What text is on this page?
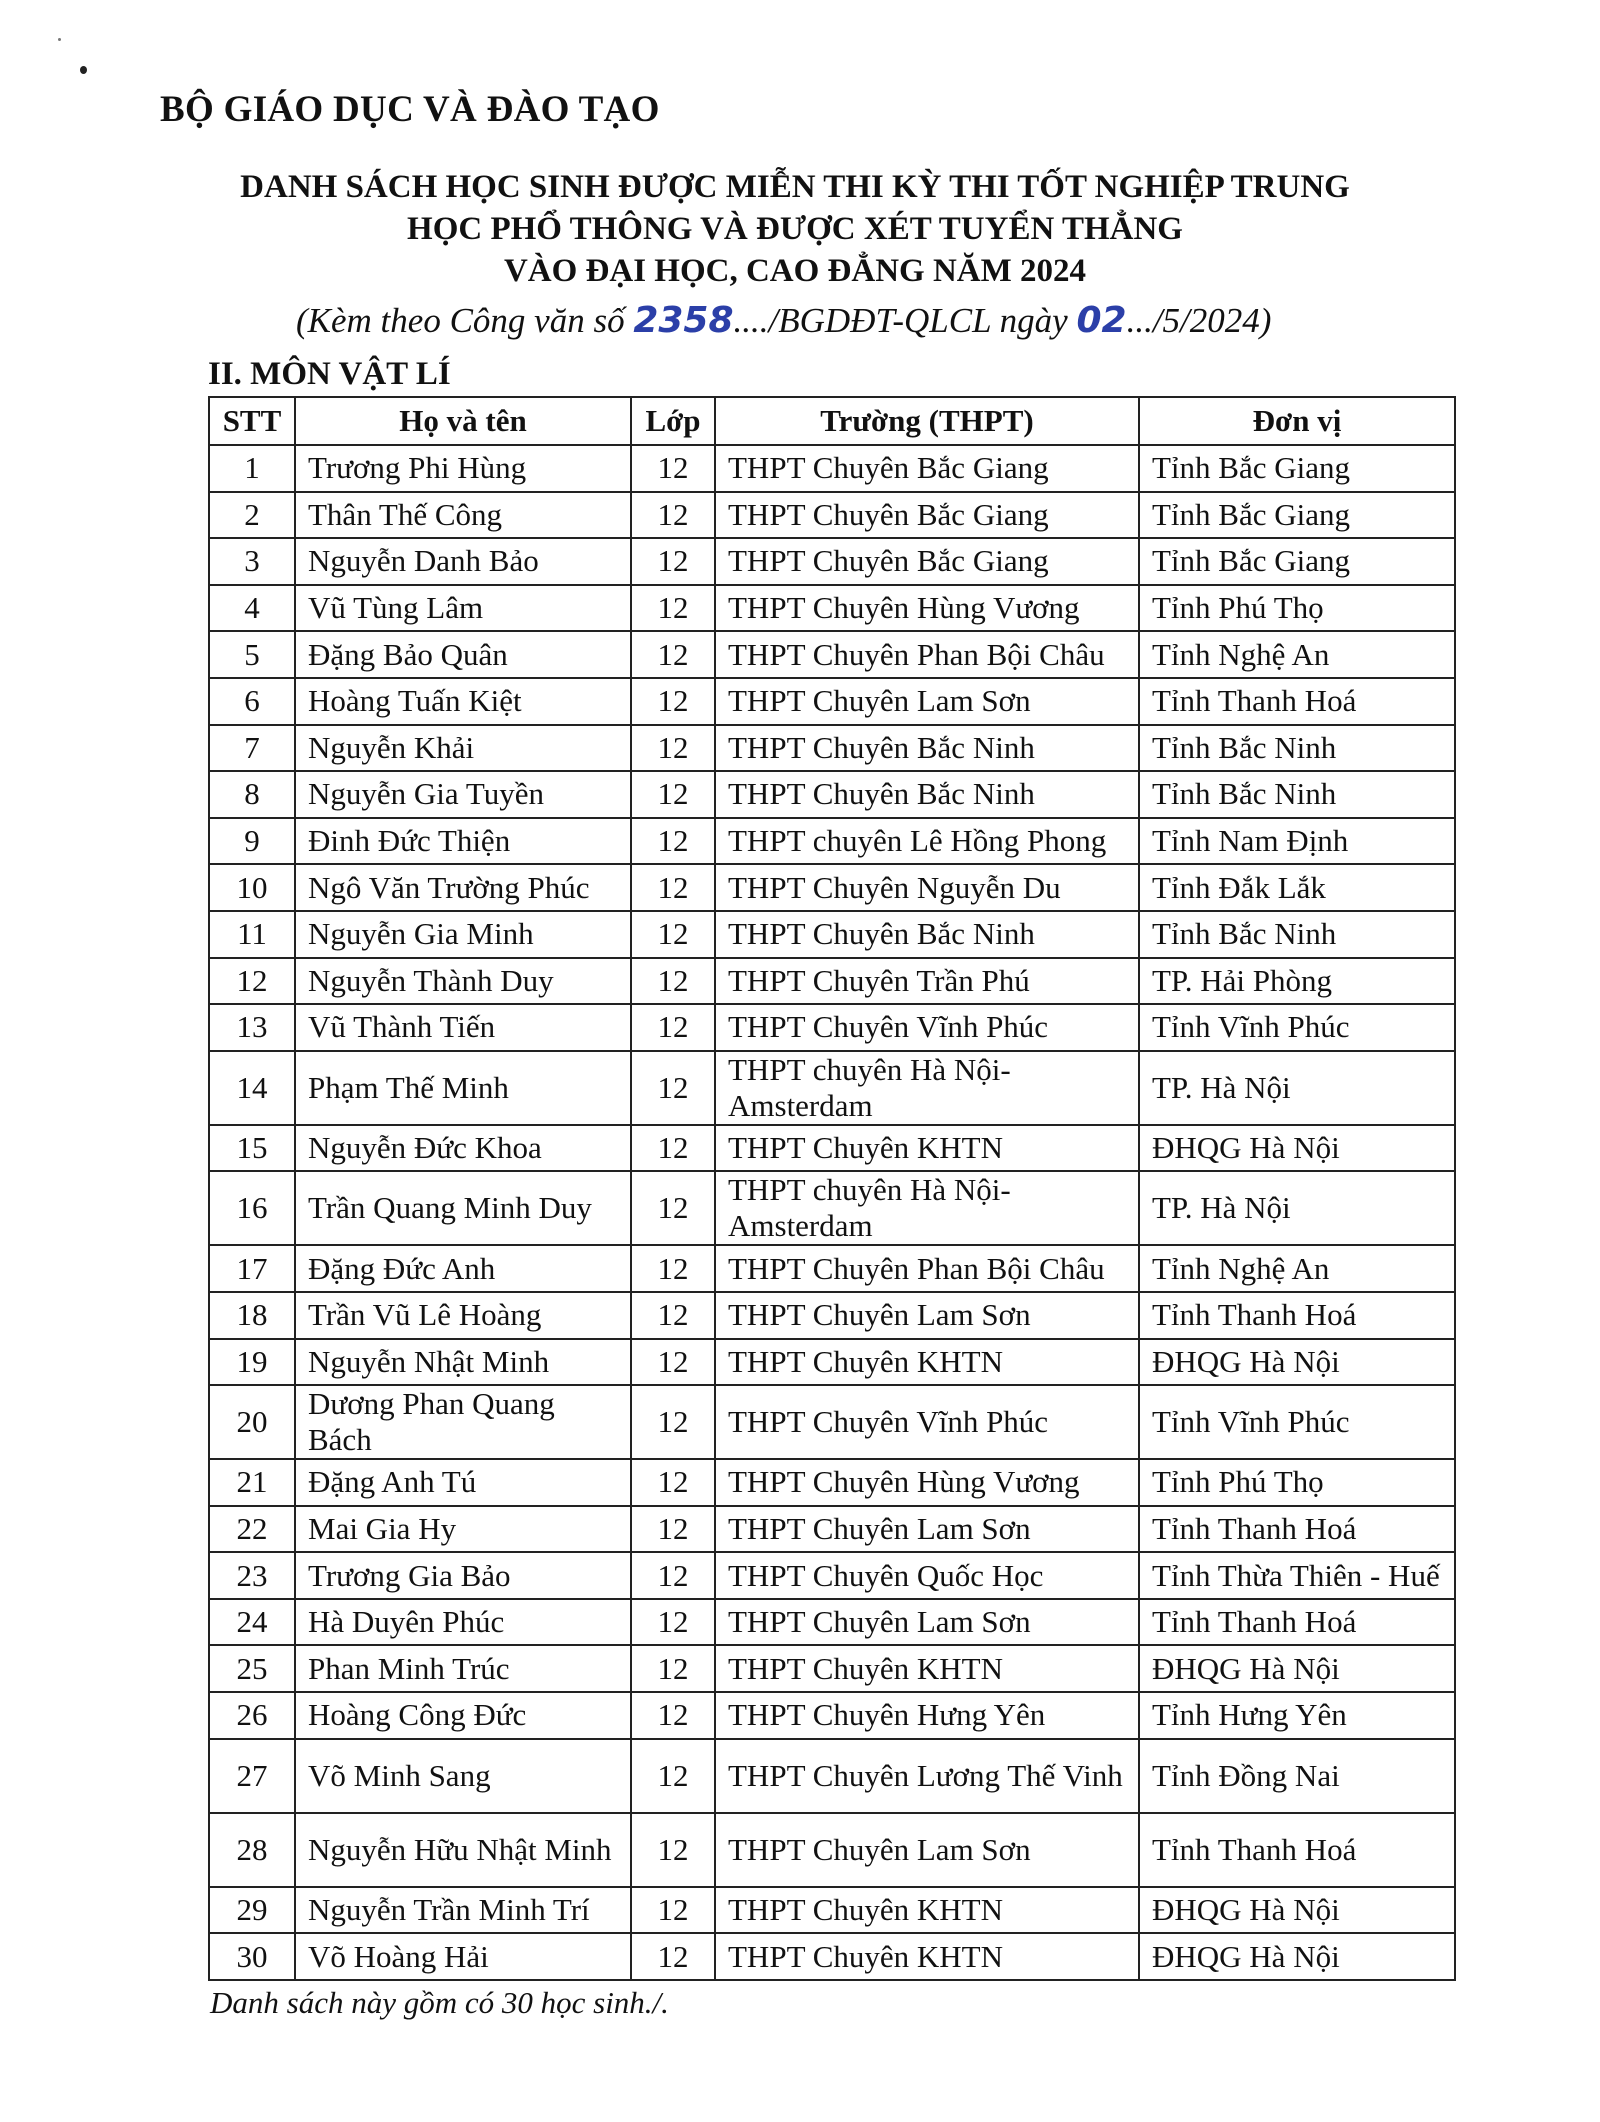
BỘ GIÁO DỤC VÀ ĐÀO TẠO
DANH SÁCH HỌC SINH ĐƯỢC MIỄN THI KỲ THI TỐT NGHIỆP TRUNG
HỌC PHỔ THÔNG VÀ ĐƯỢC XÉT TUYỂN THẲNG
VÀO ĐẠI HỌC, CAO ĐẲNG NĂM 2024
(Kèm theo Công văn số 2358..../BGDĐT-QLCL ngày 02.../5/2024)
II. MÔN VẬT LÍ
STT	Họ và tên	Lớp	Trường (THPT)	Đơn vị
1	Trương Phi Hùng	12	THPT Chuyên Bắc Giang	Tỉnh Bắc Giang
2	Thân Thế Công	12	THPT Chuyên Bắc Giang	Tỉnh Bắc Giang
3	Nguyễn Danh Bảo	12	THPT Chuyên Bắc Giang	Tỉnh Bắc Giang
4	Vũ Tùng Lâm	12	THPT Chuyên Hùng Vương	Tỉnh Phú Thọ
5	Đặng Bảo Quân	12	THPT Chuyên Phan Bội Châu	Tỉnh Nghệ An
6	Hoàng Tuấn Kiệt	12	THPT Chuyên Lam Sơn	Tỉnh Thanh Hoá
7	Nguyễn Khải	12	THPT Chuyên Bắc Ninh	Tỉnh Bắc Ninh
8	Nguyễn Gia Tuyền	12	THPT Chuyên Bắc Ninh	Tỉnh Bắc Ninh
9	Đinh Đức Thiện	12	THPT chuyên Lê Hồng Phong	Tỉnh Nam Định
10	Ngô Văn Trường Phúc	12	THPT Chuyên Nguyễn Du	Tỉnh Đắk Lắk
11	Nguyễn Gia Minh	12	THPT Chuyên Bắc Ninh	Tỉnh Bắc Ninh
12	Nguyễn Thành Duy	12	THPT Chuyên Trần Phú	TP. Hải Phòng
13	Vũ Thành Tiến	12	THPT Chuyên Vĩnh Phúc	Tỉnh Vĩnh Phúc
14	Phạm Thế Minh	12	THPT chuyên Hà Nội-Amsterdam	TP. Hà Nội
15	Nguyễn Đức Khoa	12	THPT Chuyên KHTN	ĐHQG Hà Nội
16	Trần Quang Minh Duy	12	THPT chuyên Hà Nội-Amsterdam	TP. Hà Nội
17	Đặng Đức Anh	12	THPT Chuyên Phan Bội Châu	Tỉnh Nghệ An
18	Trần Vũ Lê Hoàng	12	THPT Chuyên Lam Sơn	Tỉnh Thanh Hoá
19	Nguyễn Nhật Minh	12	THPT Chuyên KHTN	ĐHQG Hà Nội
20	Dương Phan Quang Bách	12	THPT Chuyên Vĩnh Phúc	Tỉnh Vĩnh Phúc
21	Đặng Anh Tú	12	THPT Chuyên Hùng Vương	Tỉnh Phú Thọ
22	Mai Gia Hy	12	THPT Chuyên Lam Sơn	Tỉnh Thanh Hoá
23	Trương Gia Bảo	12	THPT Chuyên Quốc Học	Tỉnh Thừa Thiên - Huế
24	Hà Duyên Phúc	12	THPT Chuyên Lam Sơn	Tỉnh Thanh Hoá
25	Phan Minh Trúc	12	THPT Chuyên KHTN	ĐHQG Hà Nội
26	Hoàng Công Đức	12	THPT Chuyên Hưng Yên	Tỉnh Hưng Yên
27	Võ Minh Sang	12	THPT Chuyên Lương Thế Vinh	Tỉnh Đồng Nai
28	Nguyễn Hữu Nhật Minh	12	THPT Chuyên Lam Sơn	Tỉnh Thanh Hoá
29	Nguyễn Trần Minh Trí	12	THPT Chuyên KHTN	ĐHQG Hà Nội
30	Võ Hoàng Hải	12	THPT Chuyên KHTN	ĐHQG Hà Nội
Danh sách này gồm có 30 học sinh./.
